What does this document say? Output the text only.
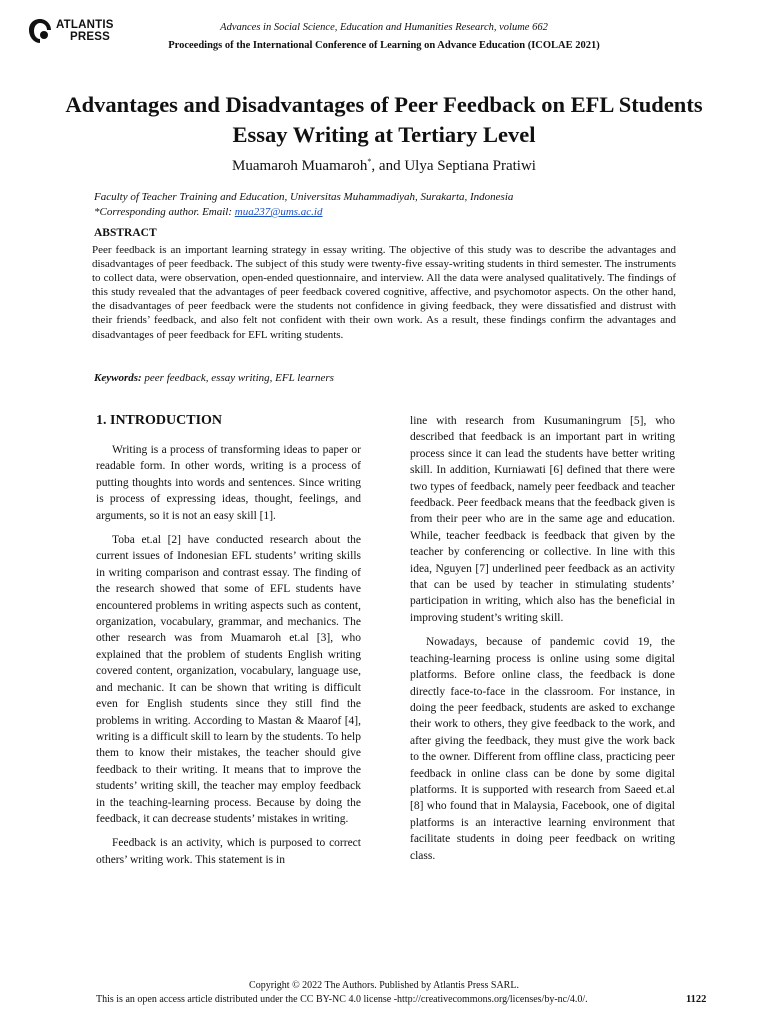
ATLANTIS
PRESS
Advances in Social Science, Education and Humanities Research, volume 662
Proceedings of the International Conference of Learning on Advance Education (ICOLAE 2021)
Advantages and Disadvantages of Peer Feedback on EFL Students Essay Writing at Tertiary Level
Muamaroh Muamaroh*, and Ulya Septiana Pratiwi
Faculty of Teacher Training and Education, Universitas Muhammadiyah, Surakarta, Indonesia
*Corresponding author. Email: mua237@ums.ac.id
ABSTRACT

Peer feedback is an important learning strategy in essay writing. The objective of this study was to describe the advantages and disadvantages of peer feedback. The subject of this study were twenty-five essay-writing students in third semester. The instruments to collect data, were observation, open-ended questionnaire, and interview. All the data were analysed qualitatively. The findings of this study revealed that the advantages of peer feedback covered cognitive, affective, and psychomotor aspects. On the other hand, the disadvantages of peer feedback were the students not confidence in giving feedback, they were dissatisfied and distrust with their friends’ feedback, and also felt not confident with their own work. As a result, these findings confirm the advantages and disadvantages of peer feedback for EFL writing students.

Keywords: peer feedback, essay writing, EFL learners
1. INTRODUCTION

Writing is a process of transforming ideas to paper or readable form. In other words, writing is a process of putting thoughts into words and sentences. Since writing is process of expressing ideas, thought, feelings, and arguments, so it is not an easy skill [1].

Toba et.al [2] have conducted research about the current issues of Indonesian EFL students’ writing skills in writing comparison and contrast essay. The finding of the research showed that some of EFL students have encountered problems in writing aspects such as content, organization, vocabulary, grammar, and mechanics. The other research was from Muamaroh et.al [3], who explained that the problem of students English writing covered content, organization, vocabulary, language use, and mechanic. It can be shown that writing is difficult even for English students since they still find the problems in writing. According to Mastan & Maarof [4], writing is a difficult skill to learn by the students. To help them to know their mistakes, the teacher should give feedback to their writing. It means that to improve the students’ writing skill, the teacher may employ feedback in the teaching-learning process. Because by doing the feedback, it can decrease students’ mistakes in writing.

Feedback is an activity, which is purposed to correct others’ writing work. This statement is in

line with research from Kusumaningrum [5], who described that feedback is an important part in writing process since it can lead the students have better writing skill. In addition, Kurniawati [6] defined that there were two types of feedback, namely peer feedback and teacher feedback. Peer feedback means that the feedback given is from their peer who are in the same age and education. While, teacher feedback is feedback that given by the teacher by conferencing or collective. In line with this idea, Nguyen [7] underlined peer feedback as an activity that can be used by teacher in stimulating students’ participation in writing, which also has the beneficial in improving student’s writing skill.

Nowadays, because of pandemic covid 19, the teaching-learning process is online using some digital platforms. Before online class, the feedback is done directly face-to-face in the classroom. For instance, in doing the peer feedback, students are asked to exchange their work to others, they give feedback to the work, and after giving the feedback, they must give the work back to the owner. Different from offline class, practicing peer feedback in online class can be done by some digital platforms. It is supported with research from Saeed et.al [8] who found that in Malaysia, Facebook, one of digital platforms is an interactive learning environment that facilitate students in doing peer feedback on writing class.

Copyright © 2022 The Authors. Published by Atlantis Press SARL.
This is an open access article distributed under the CC BY-NC 4.0 license -http://creativecommons.org/licenses/by-nc/4.0/.	1122
